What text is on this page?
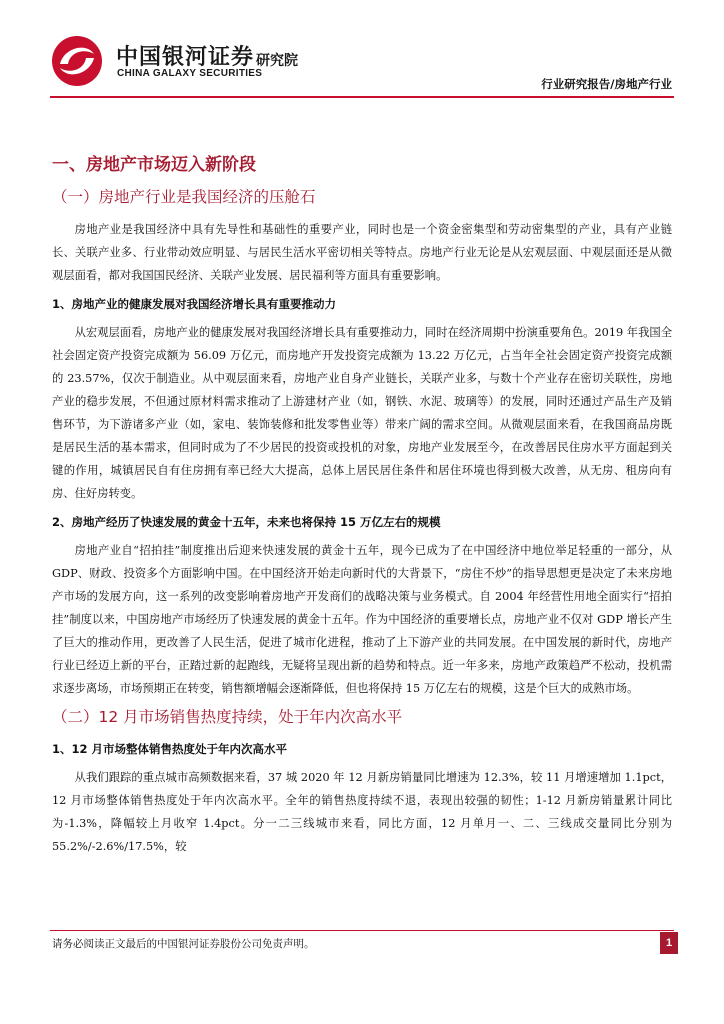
中国银河证券
CHINA GALAXY SECURITIES
研究院
行业研究报告/房地产行业
一、房地产市场迈入新阶段
（一）房地产行业是我国经济的压舱石

房地产业是我国经济中具有先导性和基础性的重要产业，同时也是一个资金密集型和劳动密集型的产业，具有产业链长、关联产业多、行业带动效应明显、与居民生活水平密切相关等特点。房地产行业无论是从宏观层面、中观层面还是从微观层面看，都对我国国民经济、关联产业发展、居民福利等方面具有重要影响。

1、房地产业的健康发展对我国经济增长具有重要推动力

从宏观层面看，房地产业的健康发展对我国经济增长具有重要推动力，同时在经济周期中扮演重要角色。2019 年我国全社会固定资产投资完成额为 56.09 万亿元，而房地产开发投资完成额为 13.22 万亿元，占当年全社会固定资产投资完成额的 23.57%，仅次于制造业。从中观层面来看，房地产业自身产业链长，关联产业多，与数十个产业存在密切关联性，房地产业的稳步发展，不但通过原材料需求推动了上游建材产业（如，钢铁、水泥、玻璃等）的发展，同时还通过产品生产及销售环节，为下游诸多产业（如，家电、装饰装修和批发零售业等）带来广阔的需求空间。从微观层面来看，在我国商品房既是居民生活的基本需求，但同时成为了不少居民的投资或投机的对象，房地产业发展至今，在改善居民住房水平方面起到关键的作用，城镇居民自有住房拥有率已经大大提高，总体上居民居住条件和居住环境也得到极大改善，从无房、租房向有房、住好房转变。

2、房地产经历了快速发展的黄金十五年，未来也将保持 15 万亿左右的规模

房地产业自“招拍挂”制度推出后迎来快速发展的黄金十五年，现今已成为了在中国经济中地位举足轻重的一部分，从 GDP、财政、投资多个方面影响中国。在中国经济开始走向新时代的大背景下，“房住不炒”的指导思想更是决定了未来房地产市场的发展方向，这一系列的改变影响着房地产开发商们的战略决策与业务模式。自 2004 年经营性用地全面实行“招拍挂”制度以来，中国房地产市场经历了快速发展的黄金十五年。作为中国经济的重要增长点，房地产业不仅对 GDP 增长产生了巨大的推动作用，更改善了人民生活，促进了城市化进程，推动了上下游产业的共同发展。在中国发展的新时代，房地产行业已经迈上新的平台，正踏过新的起跑线，无疑将呈现出新的趋势和特点。近一年多来，房地产政策趋严不松动，投机需求逐步离场，市场预期正在转变，销售额增幅会逐渐降低，但也将保持 15 万亿左右的规模，这是个巨大的成熟市场。

（二）12 月市场销售热度持续，处于年内次高水平
1、12 月市场整体销售热度处于年内次高水平

从我们跟踪的重点城市高频数据来看，37 城 2020 年 12 月新房销量同比增速为 12.3%，较 11 月增速增加 1.1pct，12 月市场整体销售热度处于年内次高水平。全年的销售热度持续不退，表现出较强的韧性；1-12 月新房销量累计同比为-1.3%，降幅较上月收窄 1.4pct。分一二三线城市来看，同比方面，12 月单月一、二、三线成交量同比分别为 55.2%/-2.6%/17.5%，较

请务必阅读正文最后的中国银河证券股份公司免责声明。	1
